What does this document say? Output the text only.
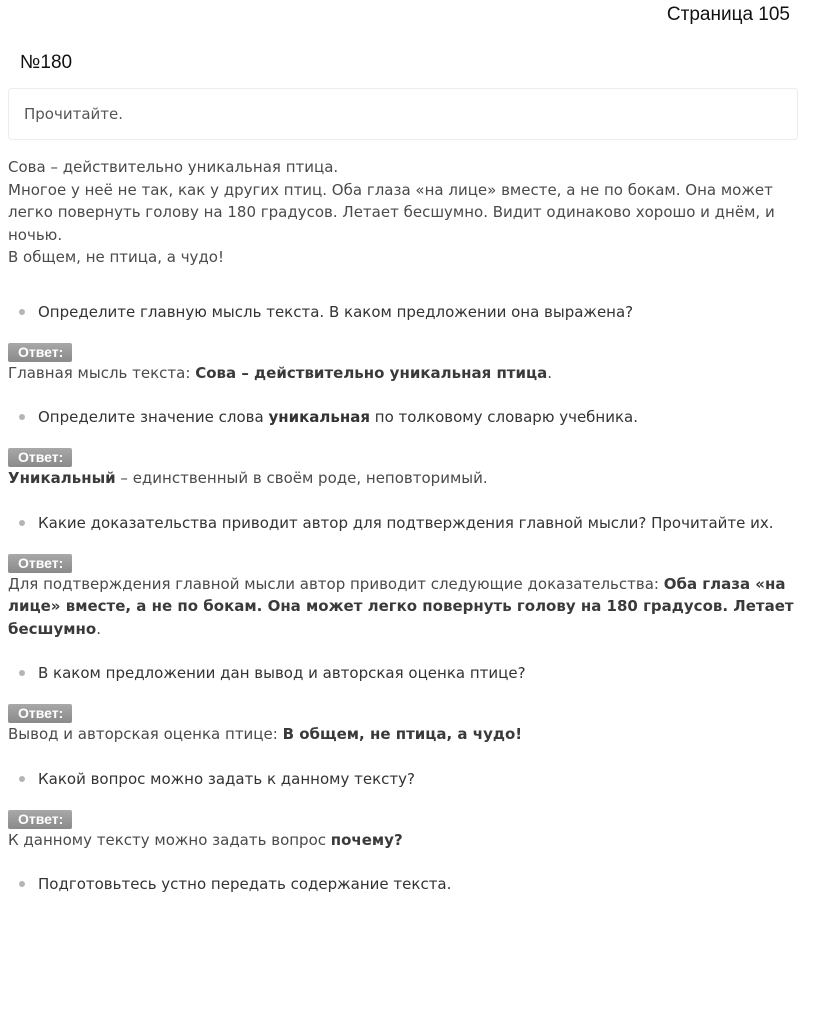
Страница 105
№180
Прочитайте.

Сова – действительно уникальная птица.

Многое у неё не так, как у других птиц. Оба глаза «на лице» вместе, а не по бокам. Она может легко повернуть голову на 180 градусов. Летает бесшумно. Видит одинаково хорошо и днём, и ночью.

В общем, не птица, а чудо!

Определите главную мысль текста. В каком предложении она выражена?
Ответ:
Главная мысль текста: Сова – действительно уникальная птица.
Определите значение слова уникальная по толковому словарю учебника.
Ответ:
Уникальный – единственный в своём роде, неповторимый.
Какие доказательства приводит автор для подтверждения главной мысли? Прочитайте их.
Ответ:
Для подтверждения главной мысли автор приводит следующие доказательства: Оба глаза «на лице» вместе, а не по бокам. Она может легко повернуть голову на 180 градусов. Летает бесшумно.
В каком предложении дан вывод и авторская оценка птице?
Ответ:
Вывод и авторская оценка птице: В общем, не птица, а чудо!
Какой вопрос можно задать к данному тексту?
Ответ:
К данному тексту можно задать вопрос почему?
Подготовьтесь устно передать содержание текста.
